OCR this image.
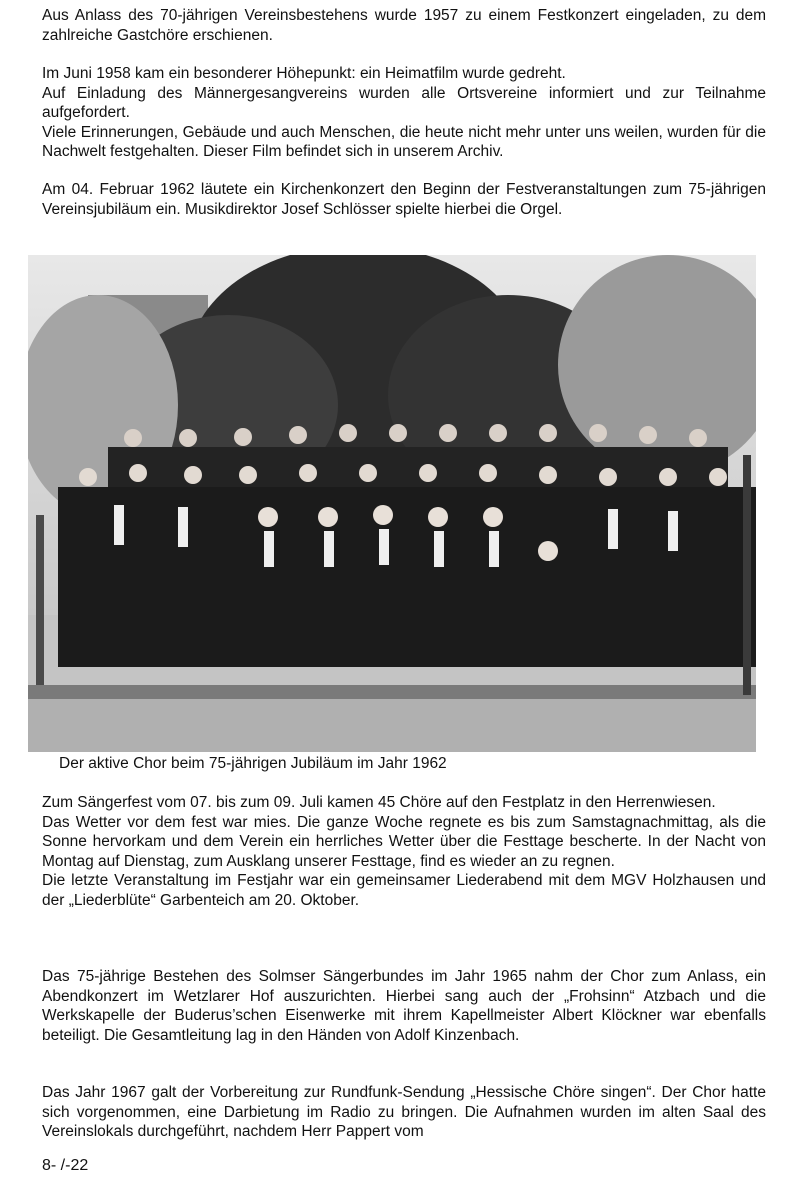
Aus Anlass des 70-jährigen Vereinsbestehens wurde 1957 zu einem Festkonzert eingeladen, zu dem zahlreiche Gastchöre erschienen.
Im Juni 1958 kam ein besonderer Höhepunkt: ein Heimatfilm wurde gedreht.
Auf Einladung des Männergesangvereins wurden alle Ortsvereine informiert und zur Teilnahme aufgefordert.
Viele Erinnerungen, Gebäude und auch Menschen, die heute nicht mehr unter uns weilen, wurden für die Nachwelt festgehalten. Dieser Film befindet sich in unserem Archiv.
Am 04. Februar 1962 läutete ein Kirchenkonzert den Beginn der Festveranstaltungen zum 75-jährigen Vereinsjubiläum ein. Musikdirektor Josef Schlösser spielte hierbei die Orgel.
Der aktive Chor beim 75-jährigen Jubiläum im Jahr 1962
Zum Sängerfest vom 07. bis zum 09. Juli kamen 45 Chöre auf den Festplatz in den Herrenwiesen.
Das Wetter vor dem fest war mies. Die ganze Woche regnete es bis zum Samstagnachmittag, als die Sonne hervorkam und dem Verein ein herrliches Wetter über die Festtage bescherte. In der Nacht von Montag auf Dienstag, zum Ausklang unserer Festtage, find es wieder an zu regnen.
Die letzte Veranstaltung im Festjahr war ein gemeinsamer Liederabend mit dem MGV Holzhausen und der „Liederblüte“ Garbenteich am 20. Oktober.
Das 75-jährige Bestehen des Solmser Sängerbundes im Jahr 1965 nahm der Chor zum Anlass, ein Abendkonzert im Wetzlarer Hof auszurichten. Hierbei sang auch der „Frohsinn“ Atzbach und die Werkskapelle der Buderus’schen Eisenwerke mit ihrem Kapellmeister Albert Klöckner war ebenfalls beteiligt. Die Gesamtleitung lag in den Händen von Adolf Kinzenbach.
Das Jahr 1967 galt der Vorbereitung zur Rundfunk-Sendung „Hessische Chöre singen“. Der Chor hatte sich vorgenommen, eine Darbietung im Radio zu bringen. Die Aufnahmen wurden im alten Saal des Vereinslokals durchgeführt, nachdem Herr Pappert vom
8- /-22
